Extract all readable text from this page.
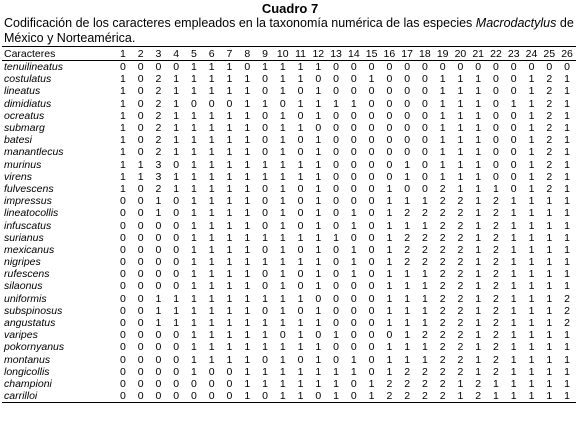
Cuadro 7
Codificación de los caracteres empleados en la taxonomía numérica de las especies Macrodactylus de México y Norteamérica.
Caracteres	1	2	3	4	5	6	7	8	9	10	11	12	13	14	15	16	17	18	19	20	21	22	23	24	25	26
tenuilineatus	0	0	0	0	1	1	1	0	1	1	1	1	0	0	0	0	0	0	0	0	0	0	0	0	0	0
costulatus	1	0	2	1	1	1	1	1	0	1	1	0	0	0	1	0	0	0	1	1	1	0	0	1	2	1
lineatus	1	0	2	1	1	1	1	1	0	1	0	1	0	0	0	0	0	0	1	1	1	0	0	1	2	1
dimidiatus	1	0	2	1	0	0	0	1	1	0	1	1	1	1	0	0	0	0	1	1	1	0	1	1	2	1
ocreatus	1	0	2	1	1	1	1	1	0	1	0	1	0	0	0	0	0	0	1	1	1	0	0	1	2	1
submarg	1	0	2	1	1	1	1	1	0	1	1	0	0	0	0	0	0	0	1	1	1	0	0	1	2	1
batesi	1	0	2	1	1	1	1	1	0	1	0	1	0	0	0	0	0	0	1	1	1	0	0	1	2	1
manantlecus	1	0	2	1	1	1	1	1	0	1	0	1	0	0	0	0	0	0	1	1	1	0	0	1	2	1
murinus	1	1	3	0	1	1	1	1	1	1	1	1	0	0	0	0	1	0	1	1	1	0	0	1	2	1
virens	1	1	3	1	1	1	1	1	1	1	1	1	0	0	0	0	1	0	1	1	1	0	0	1	2	1
fulvescens	1	0	2	1	1	1	1	1	0	1	0	1	0	0	0	1	0	0	2	1	1	1	0	1	2	1
impressus	0	0	1	0	1	1	1	1	0	1	0	1	0	0	0	1	1	1	2	2	1	2	1	1	1	1
lineatocollis	0	0	1	0	1	1	1	1	0	1	0	1	0	1	0	1	2	2	2	2	1	2	1	1	1	1
infuscatus	0	0	0	0	1	1	1	1	0	1	0	1	0	1	0	1	1	1	2	2	1	2	1	1	1	1
surianus	0	0	0	0	1	1	1	1	1	1	1	1	1	0	0	1	2	2	2	2	1	2	1	1	1	1
mexicanus	0	0	0	0	1	1	1	1	0	1	0	1	0	1	0	1	2	2	2	2	1	2	1	1	1	1
nigripes	0	0	0	0	1	1	1	1	1	1	1	1	0	1	0	1	2	2	2	2	1	2	1	1	1	1
rufescens	0	0	0	0	1	1	1	1	0	1	0	1	0	1	0	1	1	1	2	2	1	2	1	1	1	1
silaonus	0	0	0	0	1	1	1	1	0	1	0	1	0	0	0	1	1	1	2	2	1	2	1	1	1	1
uniformis	0	0	1	1	1	1	1	1	1	1	1	0	0	0	0	1	1	1	2	2	1	2	1	1	1	2
subspinosus	0	0	1	1	1	1	1	1	0	1	0	1	0	0	0	1	1	1	2	2	1	2	1	1	1	2
angustatus	0	0	1	1	1	1	1	1	1	1	1	1	0	0	0	1	1	1	2	2	1	2	1	1	1	2
varipes	0	0	0	0	1	1	1	1	1	0	1	0	1	0	0	0	1	2	2	2	1	2	1	1	1	1
pokornyanus	0	0	0	0	1	1	1	1	1	1	1	1	0	0	0	1	1	1	2	2	1	2	1	1	1	1
montanus	0	0	0	0	1	1	1	1	0	1	0	1	0	1	0	1	1	1	2	2	1	2	1	1	1	1
longicollis	0	0	0	0	1	0	0	1	1	1	1	1	1	1	0	1	2	2	2	2	1	2	1	1	1	1
championi	0	0	0	0	0	0	0	1	1	1	1	1	1	0	1	2	2	2	2	1	2	1	1	1	1	1
carrilloi	0	0	0	0	0	0	0	1	0	1	1	0	1	0	1	2	2	2	2	1	2	1	1	1	1	1
